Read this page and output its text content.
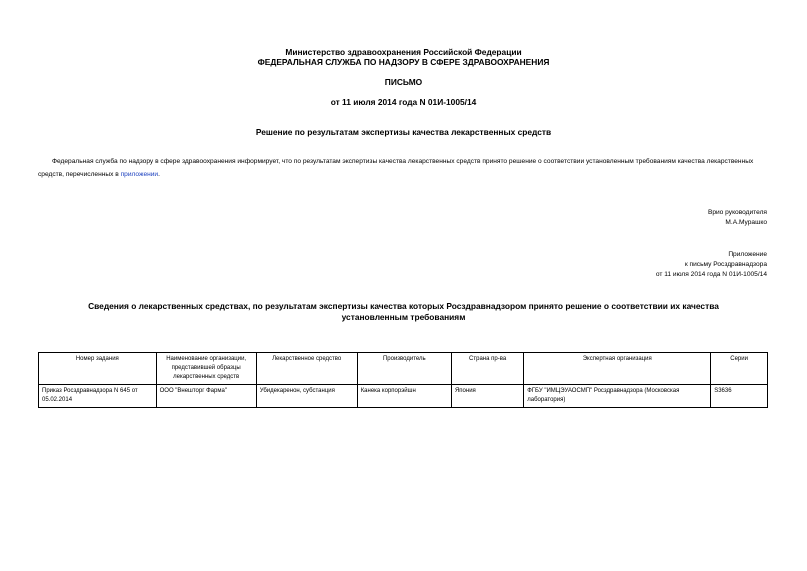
Министерство здравоохранения Российской Федерации
ФЕДЕРАЛЬНАЯ СЛУЖБА ПО НАДЗОРУ В СФЕРЕ ЗДРАВООХРАНЕНИЯ
ПИСЬМО
от 11 июля 2014 года N 01И-1005/14
Решение по результатам экспертизы качества лекарственных средств
Федеральная служба по надзору в сфере здравоохранения информирует, что по результатам экспертизы качества лекарственных средств принято решение о соответствии установленным требованиям качества лекарственных средств, перечисленных в приложении.
Врио руководителя
М.А.Мурашко
Приложение
к письму Росздравнадзора
от 11 июля 2014 года N 01И-1005/14
Сведения о лекарственных средствах, по результатам экспертизы качества которых Росздравнадзором принято решение о соответствии их качества установленным требованиям
Номер задания	Наименование организации, представившей образцы лекарственных средств	Лекарственное средство	Производитель	Страна пр-ва	Экспертная организация	Серии
Приказ Росздравнадзора N 645 от 05.02.2014	ООО "Внешторг Фарма"	Убидекаренон, субстанция	Канека корпорэйшн	Япония	ФГБУ "ИМЦЭУАОСМП" Росздравнадзора (Московская лаборатория)	S3636
